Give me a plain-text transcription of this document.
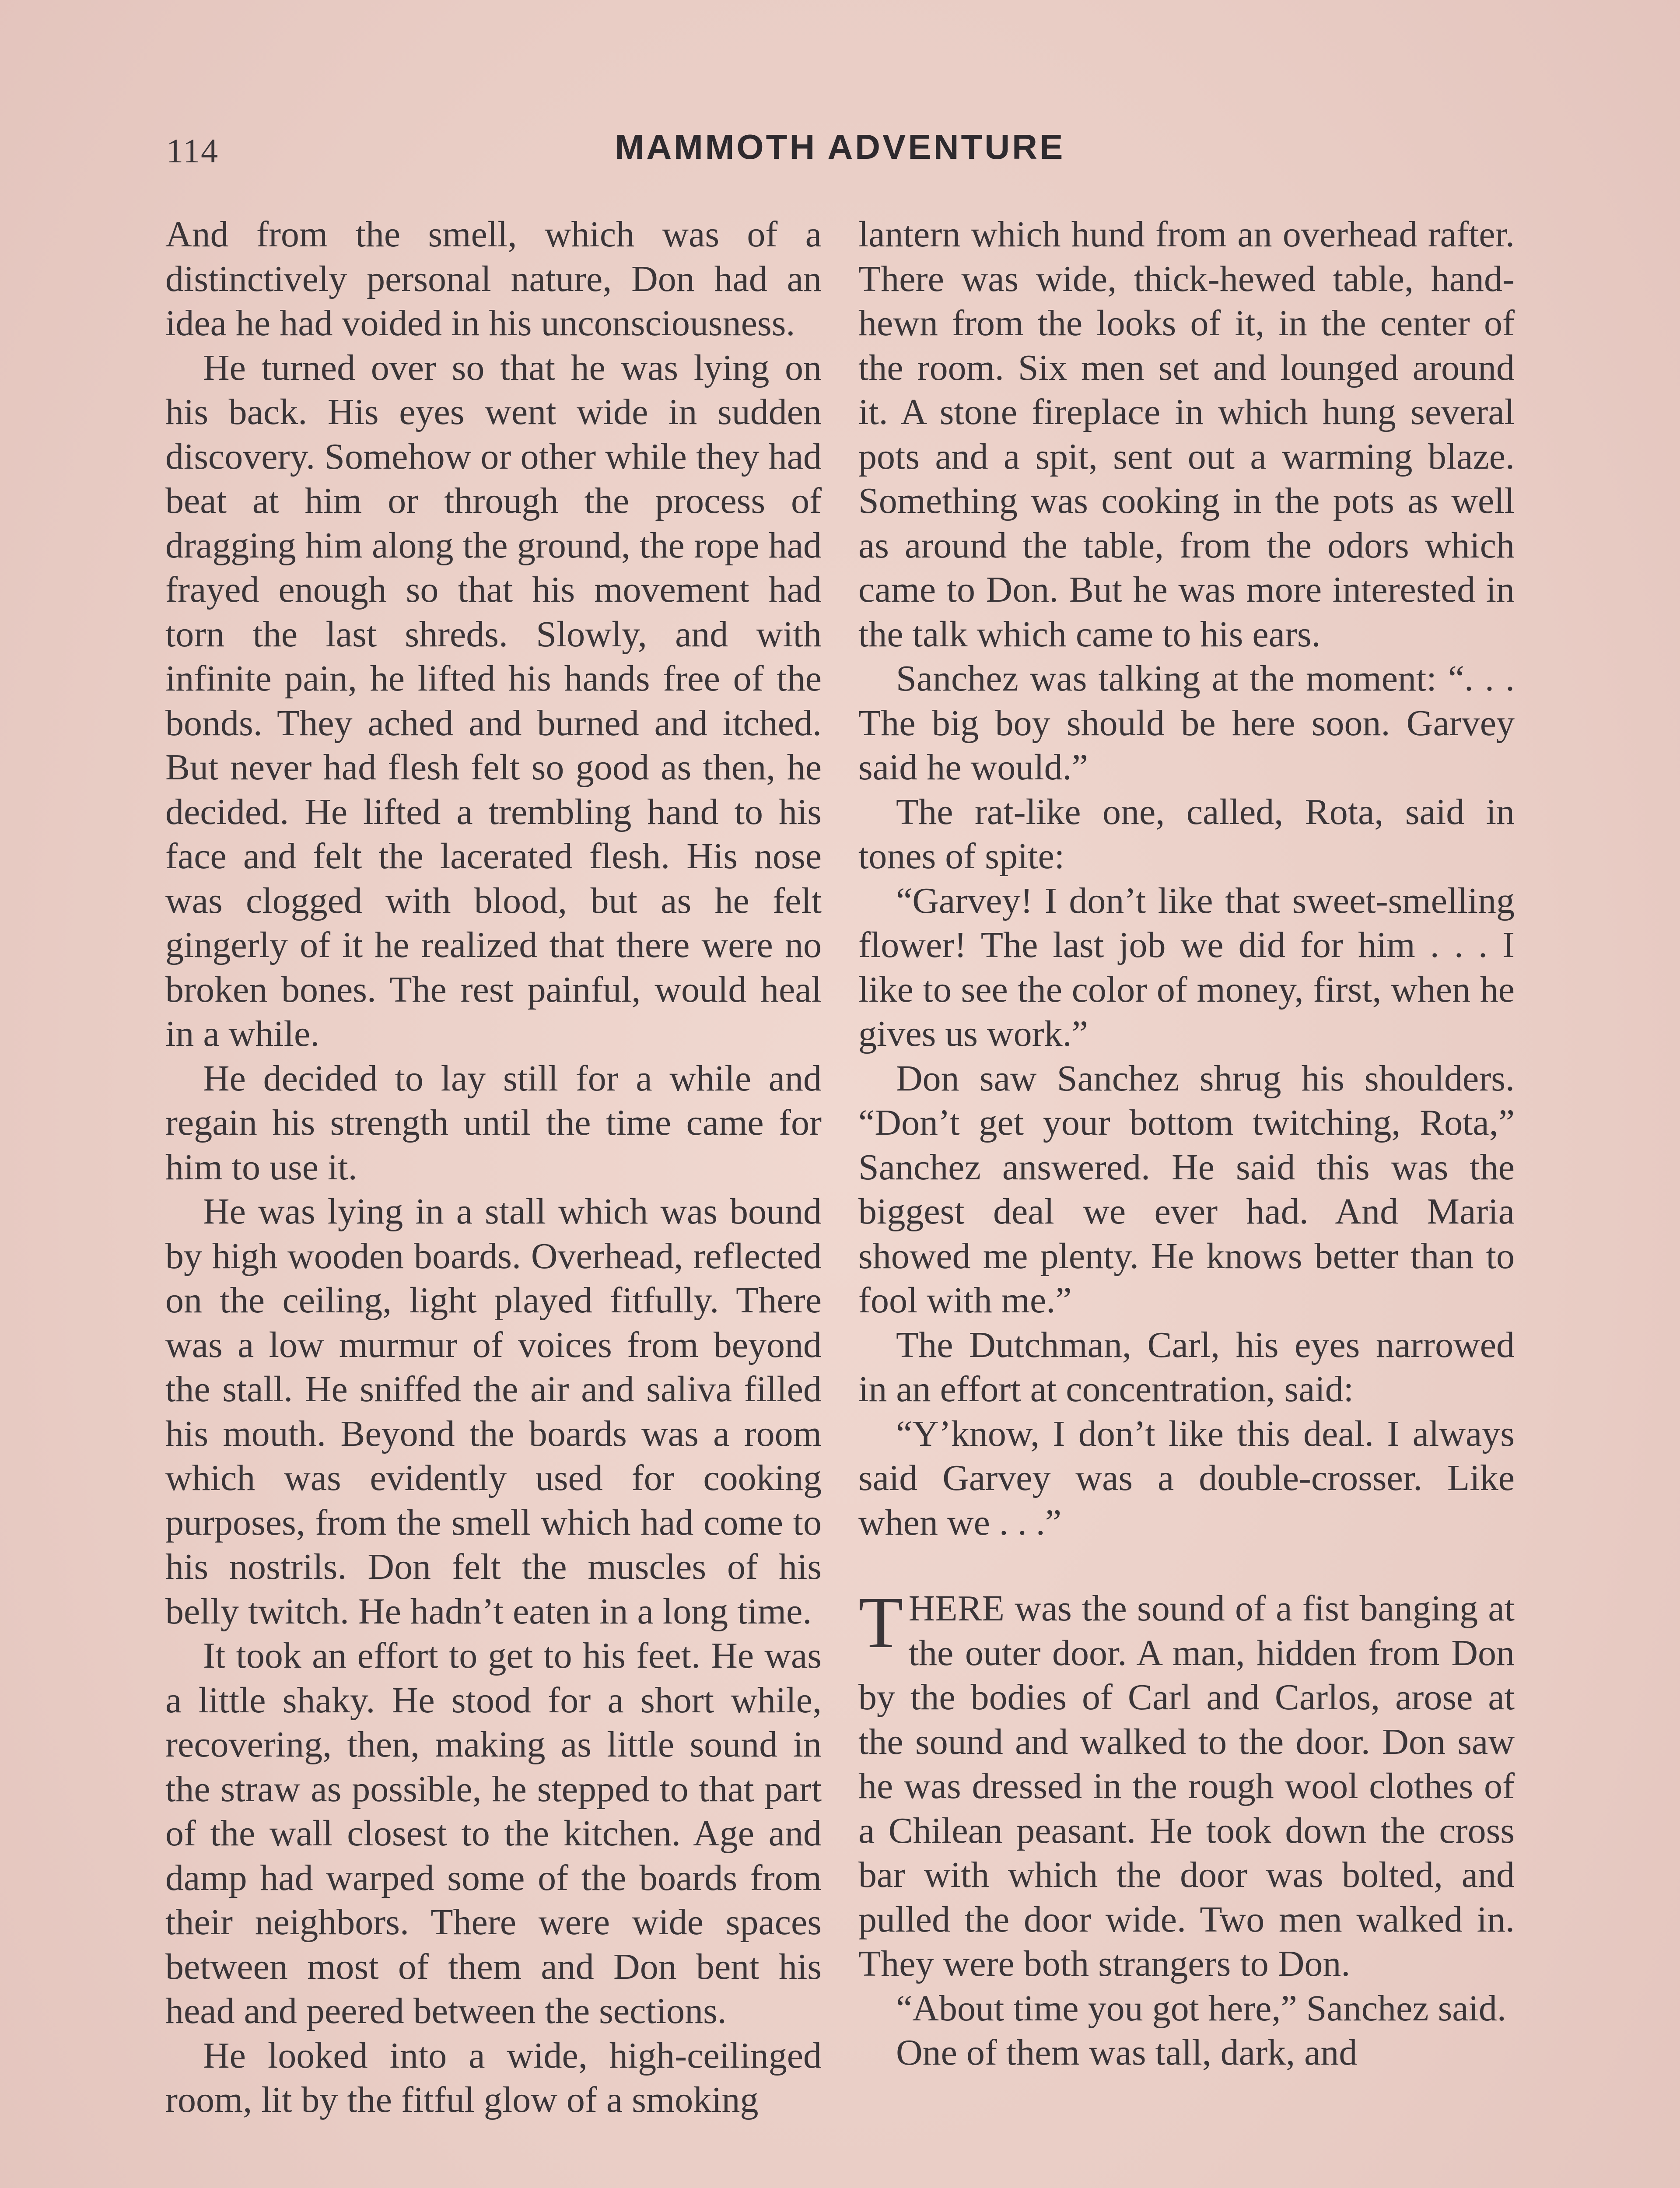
114	MAMMOTH ADVENTURE

And from the smell, which was of a distinctively personal nature, Don had an idea he had voided in his unconsciousness.

He turned over so that he was lying on his back. His eyes went wide in sudden discovery. Somehow or other while they had beat at him or through the process of dragging him along the ground, the rope had frayed enough so that his movement had torn the last shreds. Slowly, and with infinite pain, he lifted his hands free of the bonds. They ached and burned and itched. But never had flesh felt so good as then, he decided. He lifted a trembling hand to his face and felt the lacerated flesh. His nose was clogged with blood, but as he felt gingerly of it he realized that there were no broken bones. The rest painful, would heal in a while.

He decided to lay still for a while and regain his strength until the time came for him to use it.

He was lying in a stall which was bound by high wooden boards. Overhead, reflected on the ceiling, light played fitfully. There was a low murmur of voices from beyond the stall. He sniffed the air and saliva filled his mouth. Beyond the boards was a room which was evidently used for cooking purposes, from the smell which had come to his nostrils. Don felt the muscles of his belly twitch. He hadn’t eaten in a long time.

It took an effort to get to his feet. He was a little shaky. He stood for a short while, recovering, then, making as little sound in the straw as possible, he stepped to that part of the wall closest to the kitchen. Age and damp had warped some of the boards from their neighbors. There were wide spaces between most of them and Don bent his head and peered between the sections.

He looked into a wide, high-ceilinged room, lit by the fitful glow of a smoking

lantern which hund from an overhead rafter. There was wide, thick-hewed table, hand-hewn from the looks of it, in the center of the room. Six men set and lounged around it. A stone fireplace in which hung several pots and a spit, sent out a warming blaze. Something was cooking in the pots as well as around the table, from the odors which came to Don. But he was more interested in the talk which came to his ears.

Sanchez was talking at the moment: “. . . The big boy should be here soon. Garvey said he would.”

The rat-like one, called, Rota, said in tones of spite:

“Garvey! I don’t like that sweet-smelling flower! The last job we did for him . . . I like to see the color of money, first, when he gives us work.”

Don saw Sanchez shrug his shoulders. “Don’t get your bottom twitching, Rota,” Sanchez answered. He said this was the biggest deal we ever had. And Maria showed me plenty. He knows better than to fool with me.”

The Dutchman, Carl, his eyes narrowed in an effort at concentration, said:

“Y’know, I don’t like this deal. I always said Garvey was a double-crosser. Like when we . . .”

THERE was the sound of a fist banging at the outer door. A man, hidden from Don by the bodies of Carl and Carlos, arose at the sound and walked to the door. Don saw he was dressed in the rough wool clothes of a Chilean peasant. He took down the cross bar with which the door was bolted, and pulled the door wide. Two men walked in. They were both strangers to Don.

“About time you got here,” Sanchez said.

One of them was tall, dark, and
